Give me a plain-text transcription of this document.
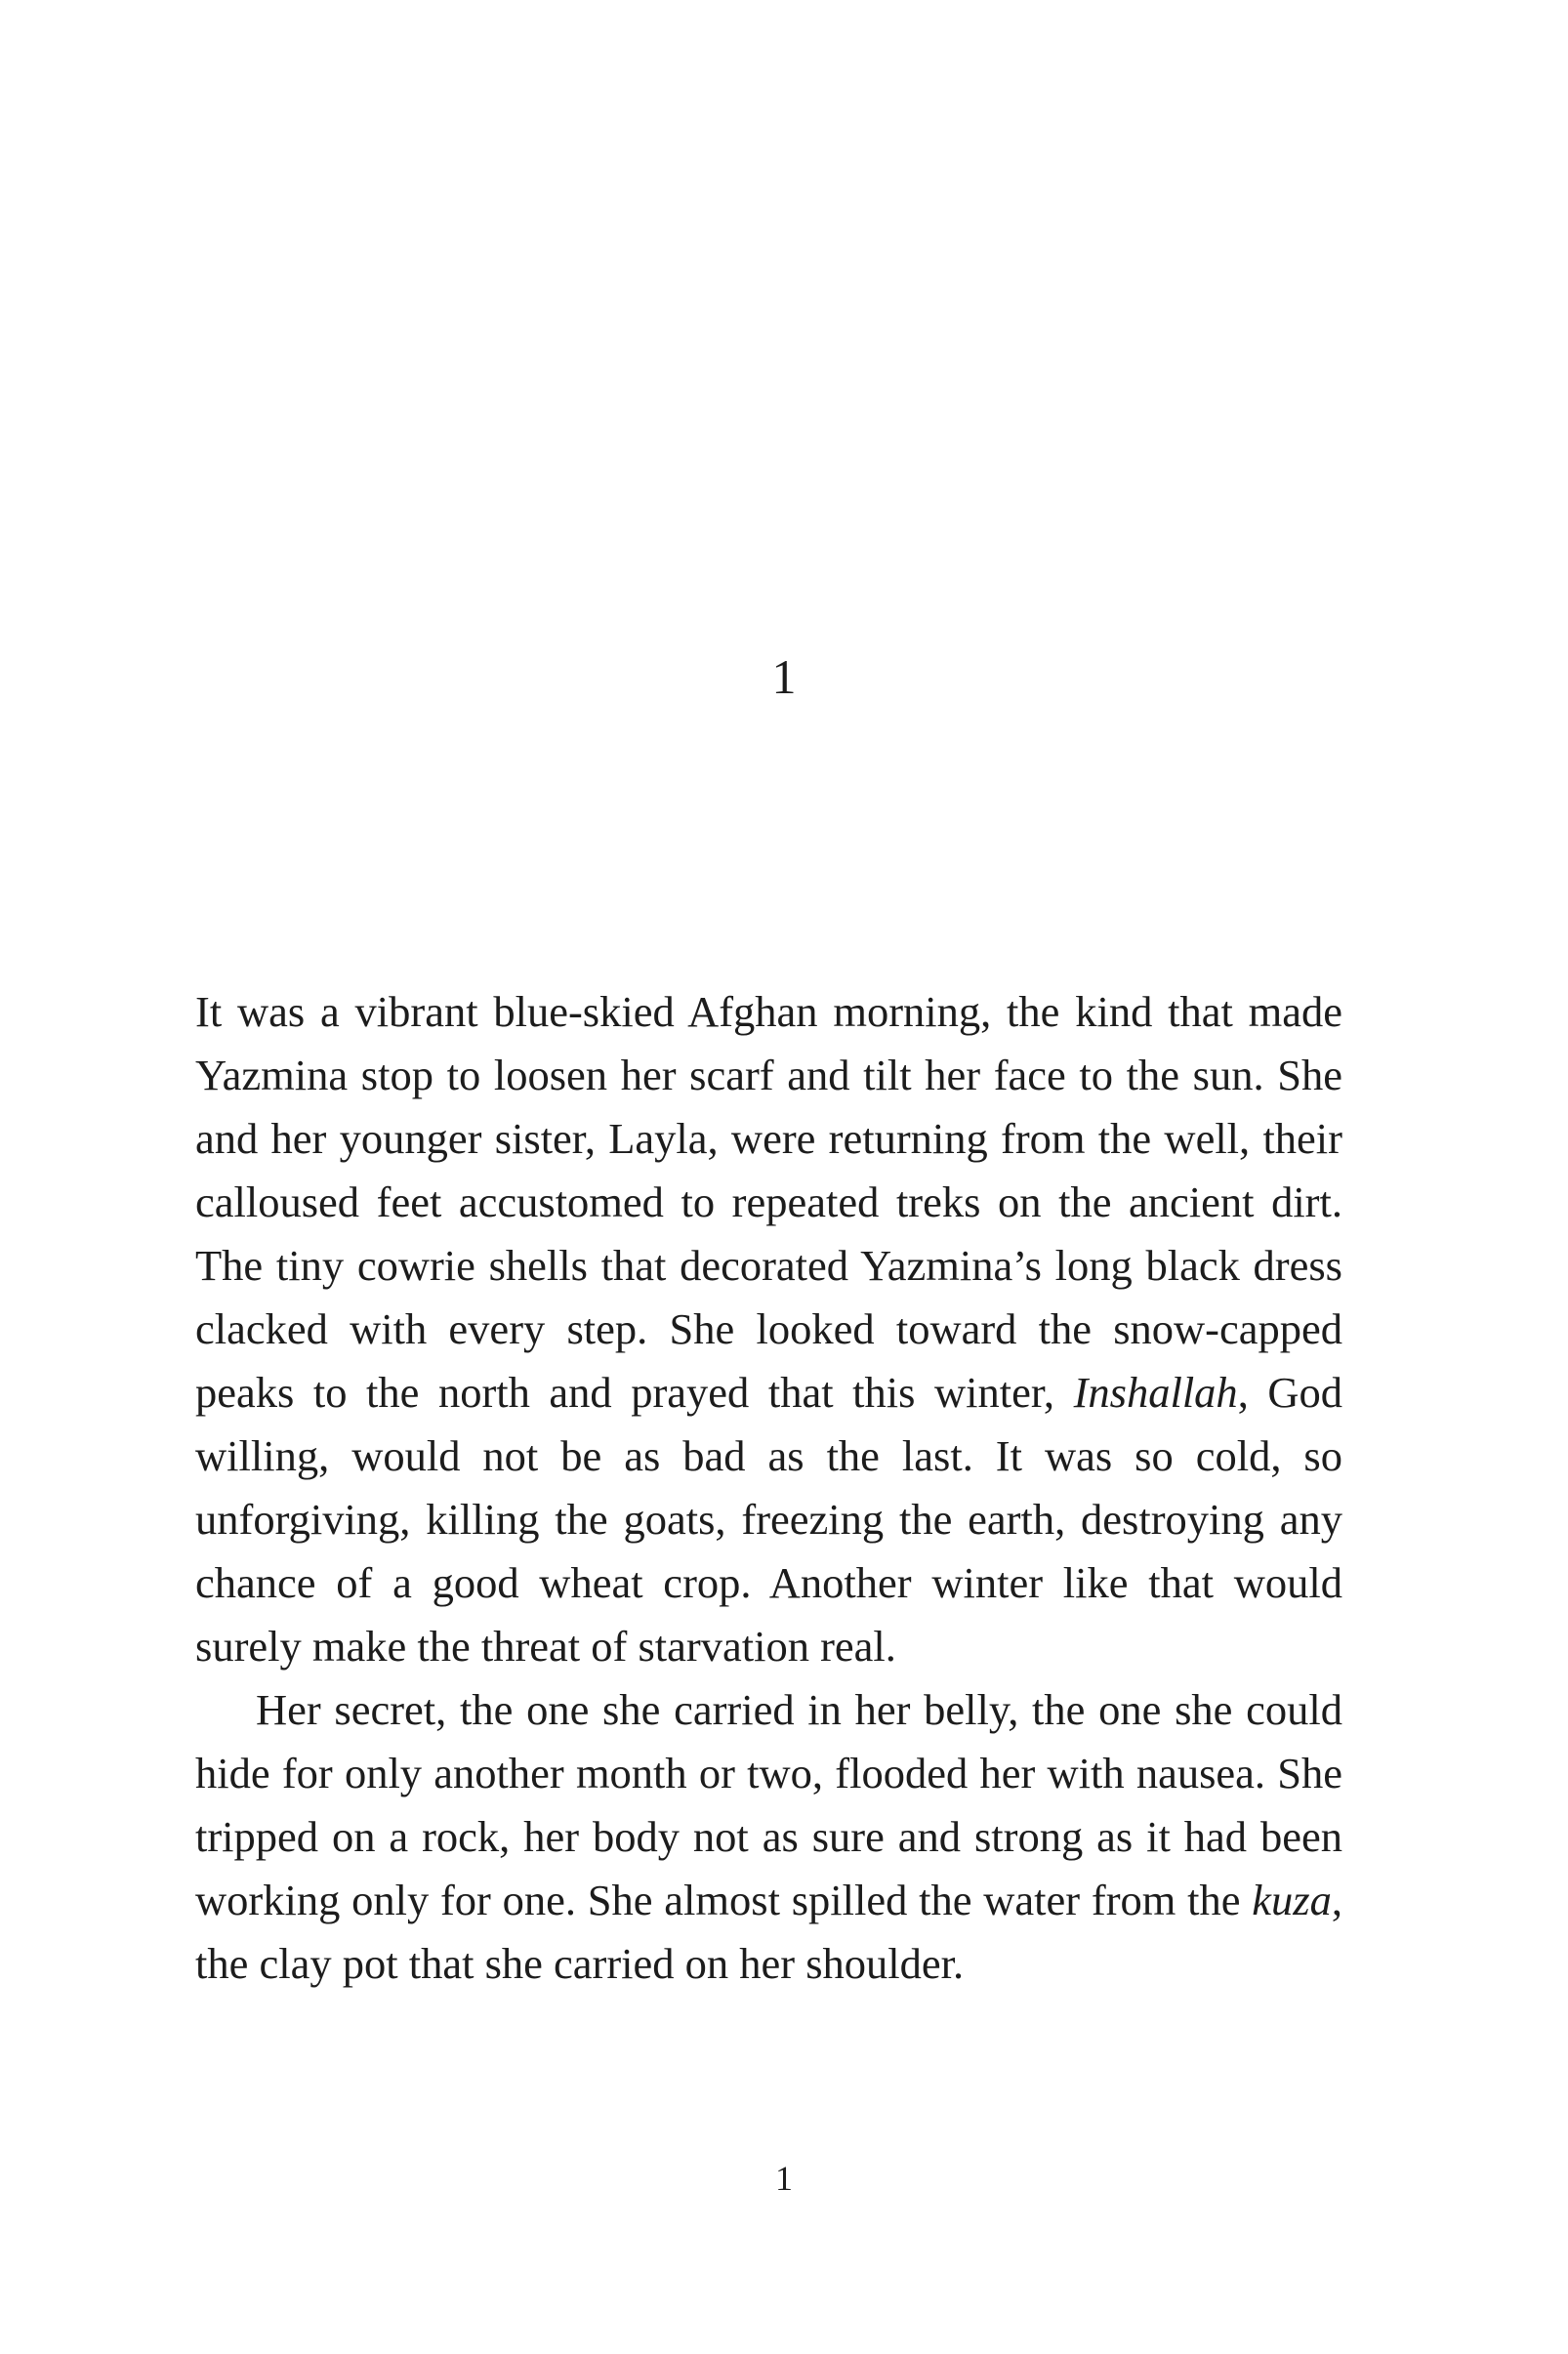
1

It was a vibrant blue-skied Afghan morning, the kind that made Yazmina stop to loosen her scarf and tilt her face to the sun. She and her younger sister, Layla, were returning from the well, their calloused feet accustomed to repeated treks on the ancient dirt. The tiny cowrie shells that decorated Yazmina’s long black dress clacked with every step. She looked toward the snow-capped peaks to the north and prayed that this winter, Inshallah, God willing, would not be as bad as the last. It was so cold, so unforgiving, killing the goats, freezing the earth, destroying any chance of a good wheat crop. Another winter like that would surely make the threat of starvation real.

Her secret, the one she carried in her belly, the one she could hide for only another month or two, flooded her with nausea. She tripped on a rock, her body not as sure and strong as it had been working only for one. She almost spilled the water from the kuza, the clay pot that she carried on her shoulder.

1
